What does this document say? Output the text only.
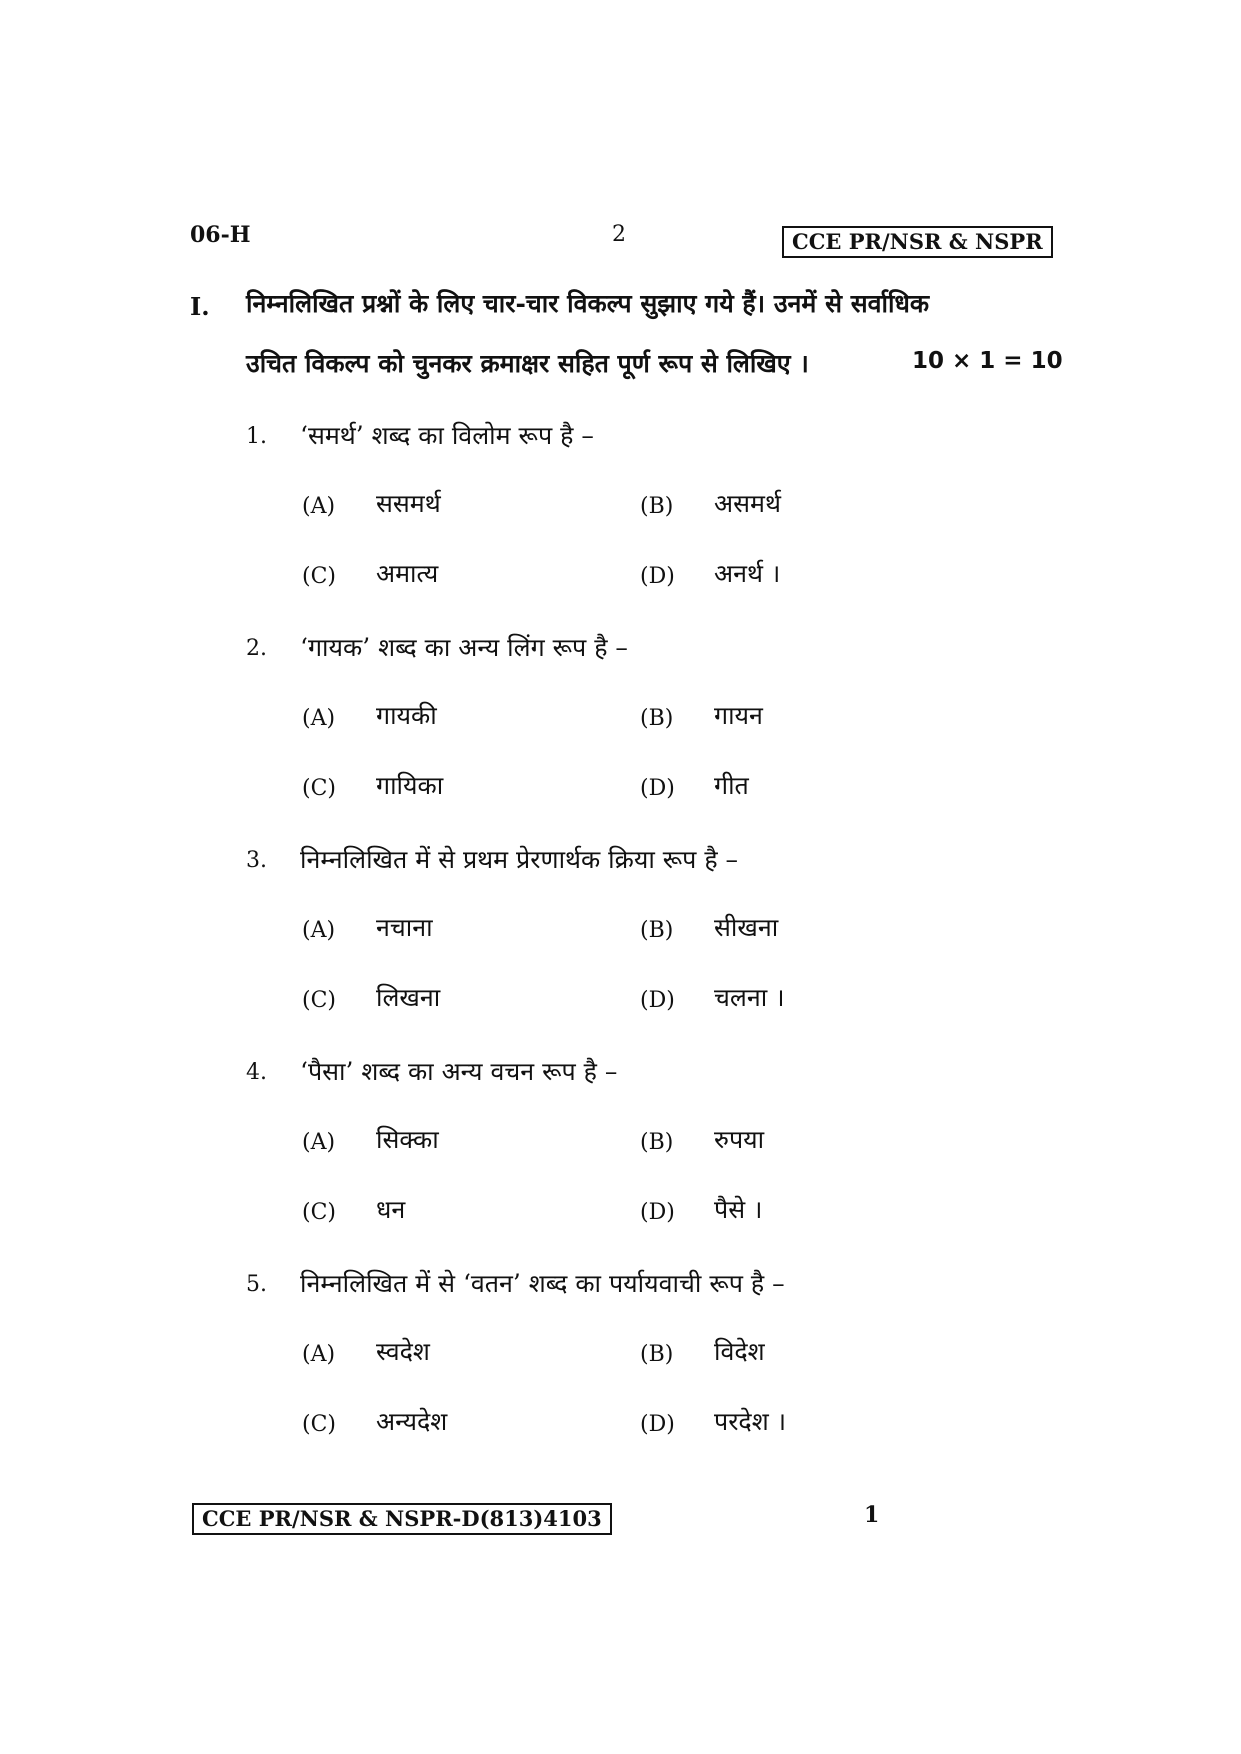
06-H	2	CCE PR/NSR & NSPR
I. निम्नलिखित प्रश्नों के लिए चार-चार विकल्प सुझाए गये हैं। उनमें से सर्वाधिक
उचित विकल्प को चुनकर क्रमाक्षर सहित पूर्ण रूप से लिखिए ।	10 × 1 = 10
1. ‘समर्थ’ शब्द का विलोम रूप है –
(A) ससमर्थ	(B) असमर्थ
(C) अमात्य	(D) अनर्थ ।
2. ‘गायक’ शब्द का अन्य लिंग रूप है –
(A) गायकी	(B) गायन
(C) गायिका	(D) गीत
3. निम्नलिखित में से प्रथम प्रेरणार्थक क्रिया रूप है –
(A) नचाना	(B) सीखना
(C) लिखना	(D) चलना ।
4. ‘पैसा’ शब्द का अन्य वचन रूप है –
(A) सिक्का	(B) रुपया
(C) धन	(D) पैसे ।
5. निम्नलिखित में से ‘वतन’ शब्द का पर्यायवाची रूप है –
(A) स्वदेश	(B) विदेश
(C) अन्यदेश	(D) परदेश ।
CCE PR/NSR & NSPR-D(813)4103	1
